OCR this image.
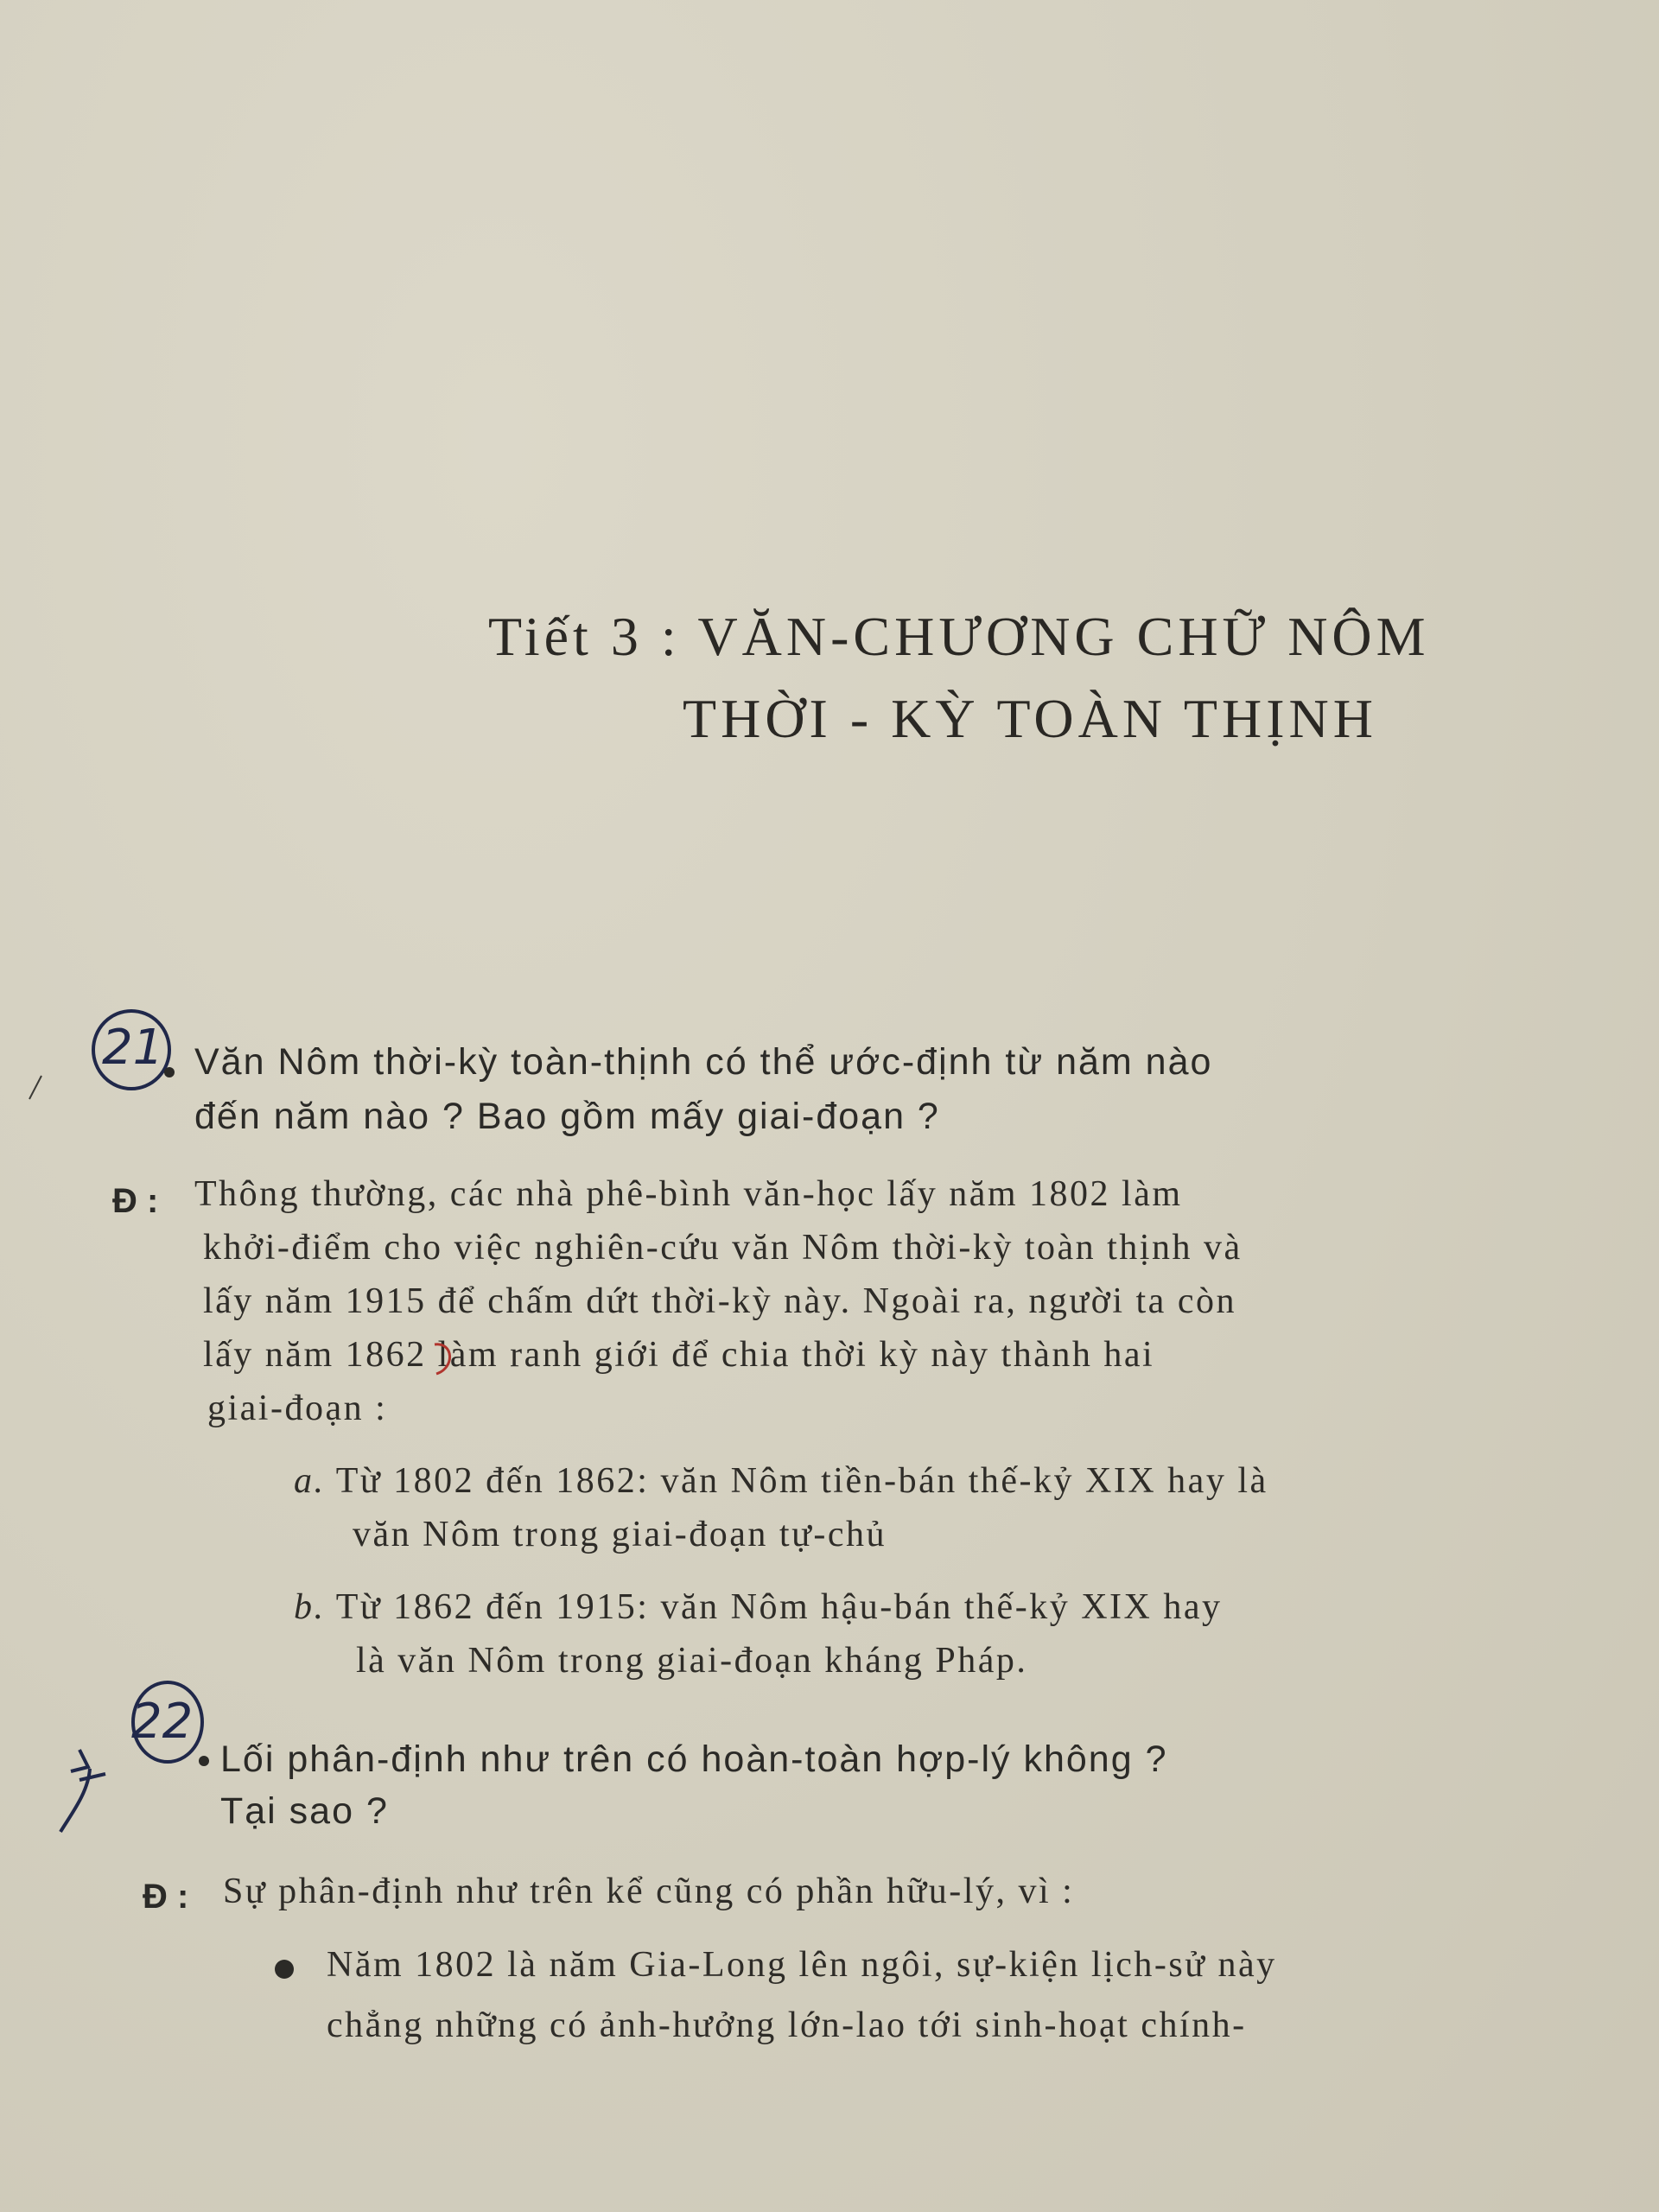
Tiết 3 : VĂN-CHƯƠNG CHỮ NÔM
THỜI - KỲ TOÀN THỊNH
21 Văn Nôm thời-kỳ toàn-thịnh có thể ước-định từ năm nào
đến năm nào ? Bao gồm mấy giai-đoạn ?
Đ : Thông thường, các nhà phê-bình văn-học lấy năm 1802 làm
khởi-điểm cho việc nghiên-cứu văn Nôm thời-kỳ toàn thịnh và
lấy năm 1915 để chấm dứt thời-kỳ này. Ngoài ra, người ta còn
lấy năm 1862 làm ranh giới để chia thời kỳ này thành hai
giai-đoạn :
a. Từ 1802 đến 1862: văn Nôm tiền-bán thế-kỷ XIX hay là
văn Nôm trong giai-đoạn tự-chủ
b. Từ 1862 đến 1915: văn Nôm hậu-bán thế-kỷ XIX hay
là văn Nôm trong giai-đoạn kháng Pháp.
22
Lối phân-định như trên có hoàn-toàn hợp-lý không ?
Tại sao ?
Đ : Sự phân-định như trên kể cũng có phần hữu-lý, vì :
Năm 1802 là năm Gia-Long lên ngôi, sự-kiện lịch-sử này
chẳng những có ảnh-hưởng lớn-lao tới sinh-hoạt chính-
